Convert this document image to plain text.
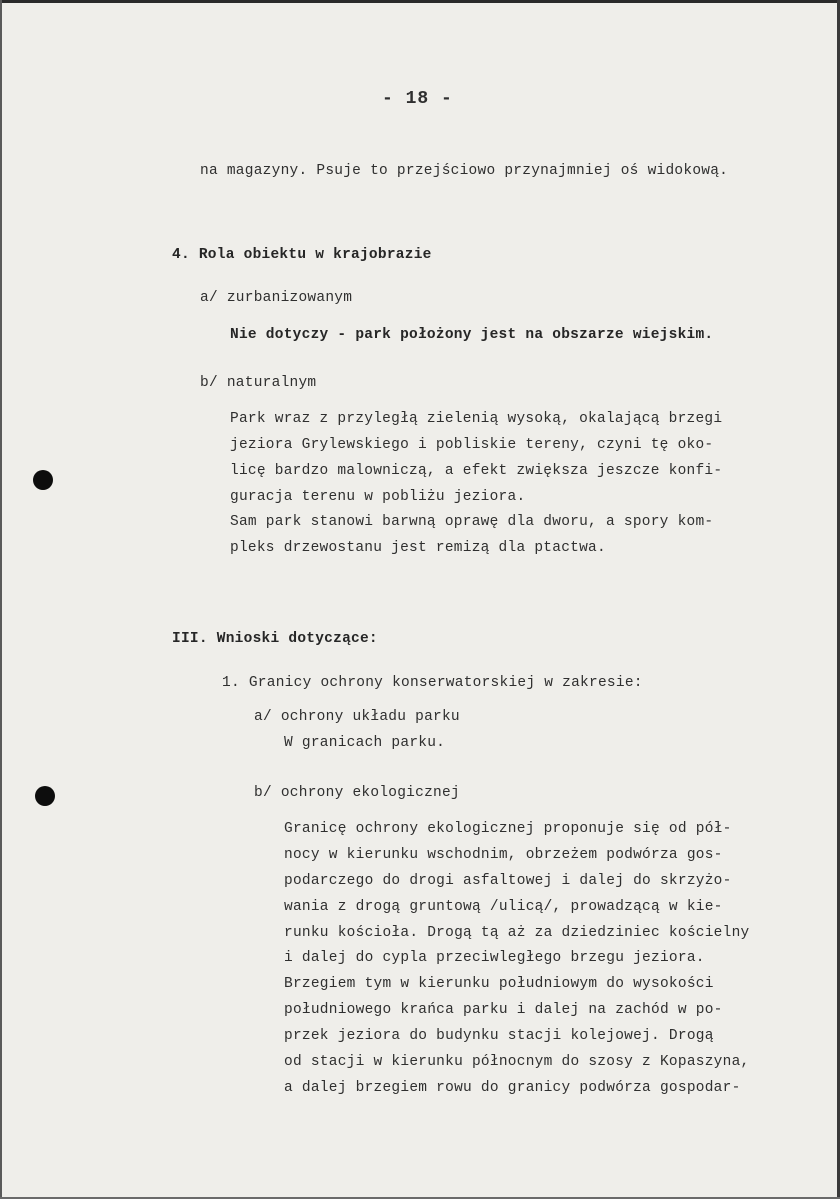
- 18 -
na magazyny. Psuje to przejściowo przynajmniej oś widokową.
4. Rola obiektu w krajobrazie
a/ zurbanizowanym
Nie dotyczy - park położony jest na obszarze wiejskim.
b/ naturalnym
Park wraz z przyległą zielenią wysoką, okalającą brzegi
jeziora Grylewskiego i pobliskie tereny, czyni tę oko-
licę bardzo malowniczą, a efekt zwiększa jeszcze konfi-
guracja terenu w pobliżu jeziora.
Sam park stanowi barwną oprawę dla dworu, a spory kom-
pleks drzewostanu jest remizą dla ptactwa.
III. Wnioski dotyczące:
1. Granicy ochrony konserwatorskiej w zakresie:
a/ ochrony układu parku
W granicach parku.
b/ ochrony ekologicznej
Granicę ochrony ekologicznej proponuje się od pół-
nocy w kierunku wschodnim, obrzeżem podwórza gos-
podarczego do drogi asfaltowej i dalej do skrzyżo-
wania z drogą gruntową /ulicą/, prowadzącą w kie-
runku kościoła. Drogą tą aż za dziedziniec kościelny
i dalej do cypla przeciwległego brzegu jeziora.
Brzegiem tym w kierunku południowym do wysokości
południowego krańca parku i dalej na zachód w po-
przek jeziora do budynku stacji kolejowej. Drogą
od stacji w kierunku północnym do szosy z Kopaszyna,
a dalej brzegiem rowu do granicy podwórza gospodar-
